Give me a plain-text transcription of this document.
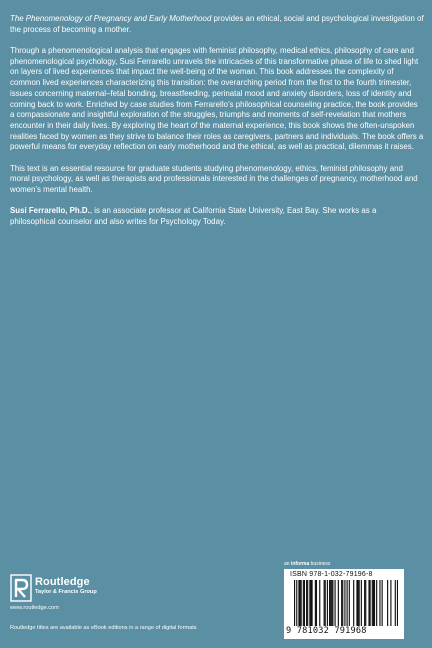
The Phenomenology of Pregnancy and Early Motherhood provides an ethical, social and psychological investigation of the process of becoming a mother.

Through a phenomenological analysis that engages with feminist philosophy, medical ethics, philosophy of care and phenomenological psychology, Susi Ferrarello unravels the intricacies of this transformative phase of life to shed light on layers of lived experiences that impact the well-being of the woman. This book addresses the complexity of common lived experiences characterizing this transition: the overarching period from the first to the fourth trimester, issues concerning maternal–fetal bonding, breastfeeding, perinatal mood and anxiety disorders, loss of identity and coming back to work. Enriched by case studies from Ferrarello’s philosophical counseling practice, the book provides a compassionate and insightful exploration of the struggles, triumphs and moments of self-revelation that mothers encounter in their daily lives. By exploring the heart of the maternal experience, this book shows the often-unspoken realities faced by women as they strive to balance their roles as caregivers, partners and individuals. The book offers a powerful means for everyday reflection on early motherhood and the ethical, as well as practical, dilemmas it raises.

This text is an essential resource for graduate students studying phenomenology, ethics, feminist philosophy and moral psychology, as well as therapists and professionals interested in the challenges of pregnancy, motherhood and women’s mental health.

Susi Ferrarello, Ph.D., is an associate professor at California State University, East Bay. She works as a philosophical counselor and also writes for Psychology Today.

Routledge
Taylor & Francis Group
www.routledge.com
Routledge titles are available as eBook editions in a range of digital formats
an informa business
ISBN 978-1-032-79196-8
9 781032 791968
